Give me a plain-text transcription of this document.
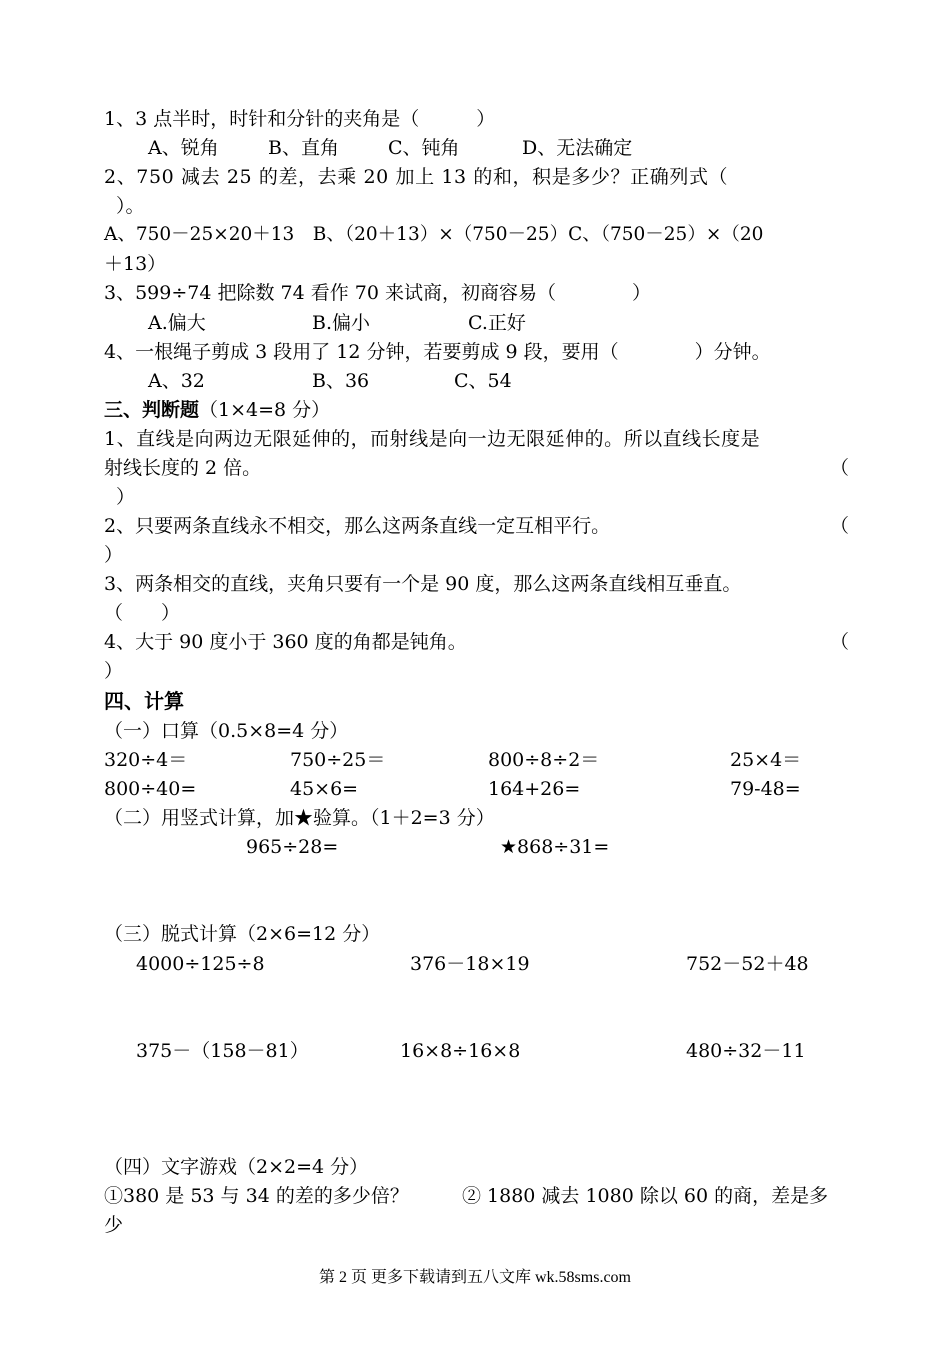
1、3 点半时，时针和分针的夹角是（　　　）
A、锐角	B、直角	C、钝角	D、无法确定
2、750 减去 25 的差，去乘 20 加上 13 的和，积是多少？正确列式（
）。
A、750－25×20＋13　B、（20＋13）×（750－25）C、（750－25）×（20
＋13）
3、599÷74 把除数 74 看作 70 来试商，初商容易（　　　　）
A.偏大	B.偏小	C.正好
4、一根绳子剪成 3 段用了 12 分钟，若要剪成 9 段，要用（　　　　）分钟。
A、32	B、36	C、54
三、判断题（1×4=8 分）
1、直线是向两边无限延伸的，而射线是向一边无限延伸的。所以直线长度是
射线长度的 2 倍。	（
）
2、只要两条直线永不相交，那么这两条直线一定互相平行。	（
）
3、两条相交的直线，夹角只要有一个是 90 度，那么这两条直线相互垂直。
（　　）
4、大于 90 度小于 360 度的角都是钝角。	（
）
四、计算
（一）口算（0.5×8=4 分）
320÷4＝	750÷25＝	800÷8÷2＝	25×4＝
800÷40=	45×6=	164+26=	79-48=
（二）用竖式计算，加★验算。（1＋2=3 分）
965÷28=	★868÷31=
（三）脱式计算（2×6=12 分）
4000÷125÷8	376－18×19	752－52＋48
375－（158－81）	16×8÷16×8	480÷32－11
（四）文字游戏（2×2=4 分）
①380 是 53 与 34 的差的多少倍？	② 1880 减去 1080 除以 60 的商，差是多
少
第 2 页 更多下载请到五八文库 wk.58sms.com
